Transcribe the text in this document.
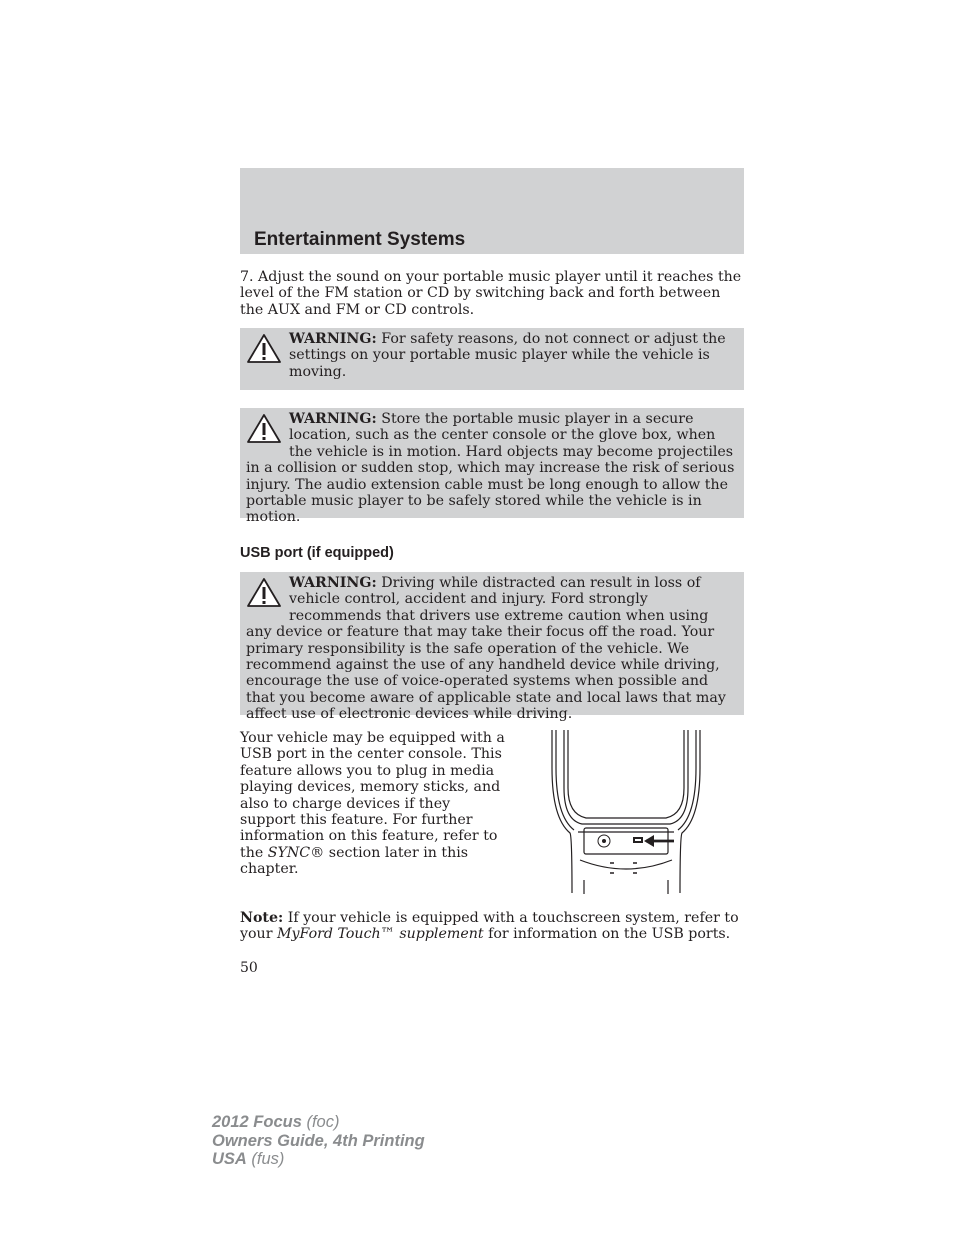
Entertainment Systems
7. Adjust the sound on your portable music player until it reaches the level of the FM station or CD by switching back and forth between the AUX and FM or CD controls.
WARNING: For safety reasons, do not connect or adjust the settings on your portable music player while the vehicle is moving.
WARNING: Store the portable music player in a secure location, such as the center console or the glove box, when the vehicle is in motion. Hard objects may become projectiles in a collision or sudden stop, which may increase the risk of serious injury. The audio extension cable must be long enough to allow the portable music player to be safely stored while the vehicle is in motion.
USB port (if equipped)
WARNING: Driving while distracted can result in loss of vehicle control, accident and injury. Ford strongly recommends that drivers use extreme caution when using any device or feature that may take their focus off the road. Your primary responsibility is the safe operation of the vehicle. We recommend against the use of any handheld device while driving, encourage the use of voice-operated systems when possible and that you become aware of applicable state and local laws that may affect use of electronic devices while driving.
Your vehicle may be equipped with a USB port in the center console. This feature allows you to plug in media playing devices, memory sticks, and also to charge devices if they support this feature. For further information on this feature, refer to the SYNC® section later in this chapter.
Note: If your vehicle is equipped with a touchscreen system, refer to your MyFord Touch™ supplement for information on the USB ports.
50
2012 Focus (foc)
Owners Guide, 4th Printing
USA (fus)
